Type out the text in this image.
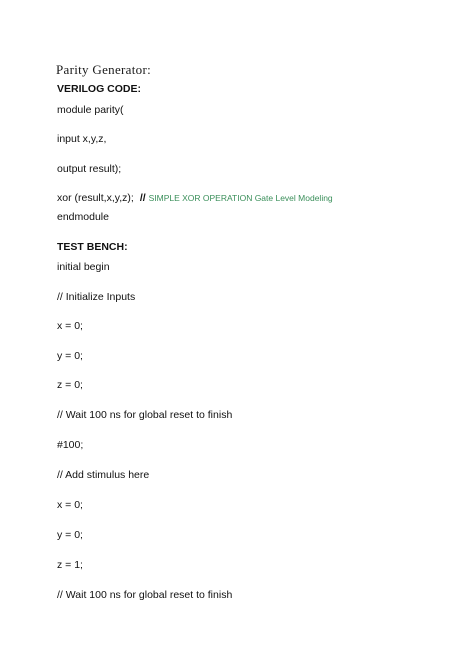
Parity Generator:
VERILOG CODE:
module parity(
input x,y,z,
output result);
xor (result,x,y,z); // SIMPLE XOR OPERATION Gate Level Modeling
endmodule
TEST BENCH:
initial begin
// Initialize Inputs
x = 0;
y = 0;
z = 0;
// Wait 100 ns for global reset to finish
#100;
// Add stimulus here
x = 0;
y = 0;
z = 1;
// Wait 100 ns for global reset to finish
